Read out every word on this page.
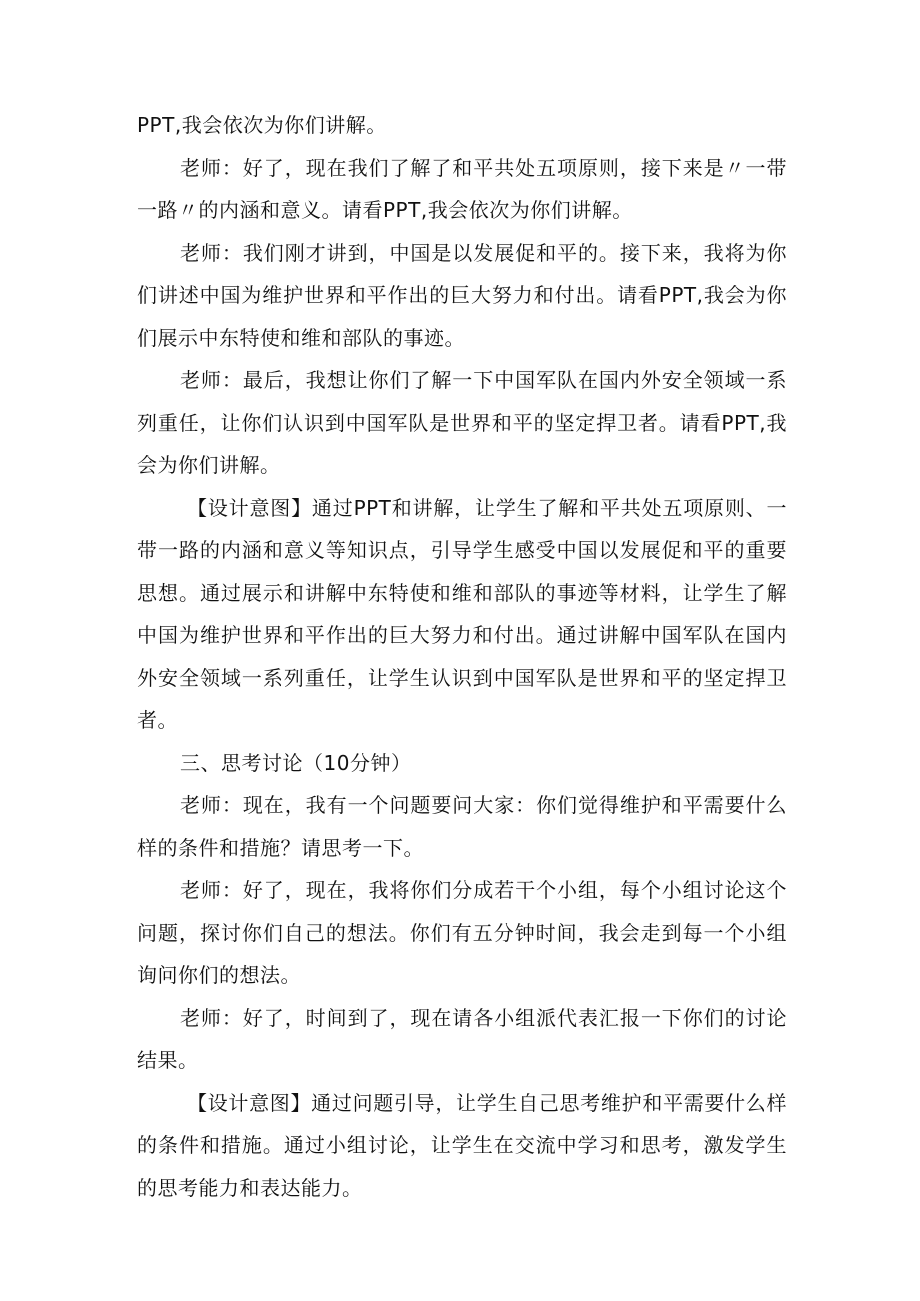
PPT,我会依次为你们讲解。

老师：好了，现在我们了解了和平共处五项原则，接下来是〃一带一路〃的内涵和意义。请看PPT,我会依次为你们讲解。

老师：我们刚才讲到，中国是以发展促和平的。接下来，我将为你们讲述中国为维护世界和平作出的巨大努力和付出。请看PPT,我会为你们展示中东特使和维和部队的事迹。

老师：最后，我想让你们了解一下中国军队在国内外安全领域一系列重任，让你们认识到中国军队是世界和平的坚定捍卫者。请看PPT,我会为你们讲解。

【设计意图】通过PPT和讲解，让学生了解和平共处五项原则、一带一路的内涵和意义等知识点，引导学生感受中国以发展促和平的重要思想。通过展示和讲解中东特使和维和部队的事迹等材料，让学生了解中国为维护世界和平作出的巨大努力和付出。通过讲解中国军队在国内外安全领域一系列重任，让学生认识到中国军队是世界和平的坚定捍卫者。

三、思考讨论（10分钟）

老师：现在，我有一个问题要问大家：你们觉得维护和平需要什么样的条件和措施？请思考一下。

老师：好了，现在，我将你们分成若干个小组，每个小组讨论这个问题，探讨你们自己的想法。你们有五分钟时间，我会走到每一个小组询问你们的想法。

老师：好了，时间到了，现在请各小组派代表汇报一下你们的讨论结果。

【设计意图】通过问题引导，让学生自己思考维护和平需要什么样的条件和措施。通过小组讨论，让学生在交流中学习和思考，激发学生的思考能力和表达能力。
